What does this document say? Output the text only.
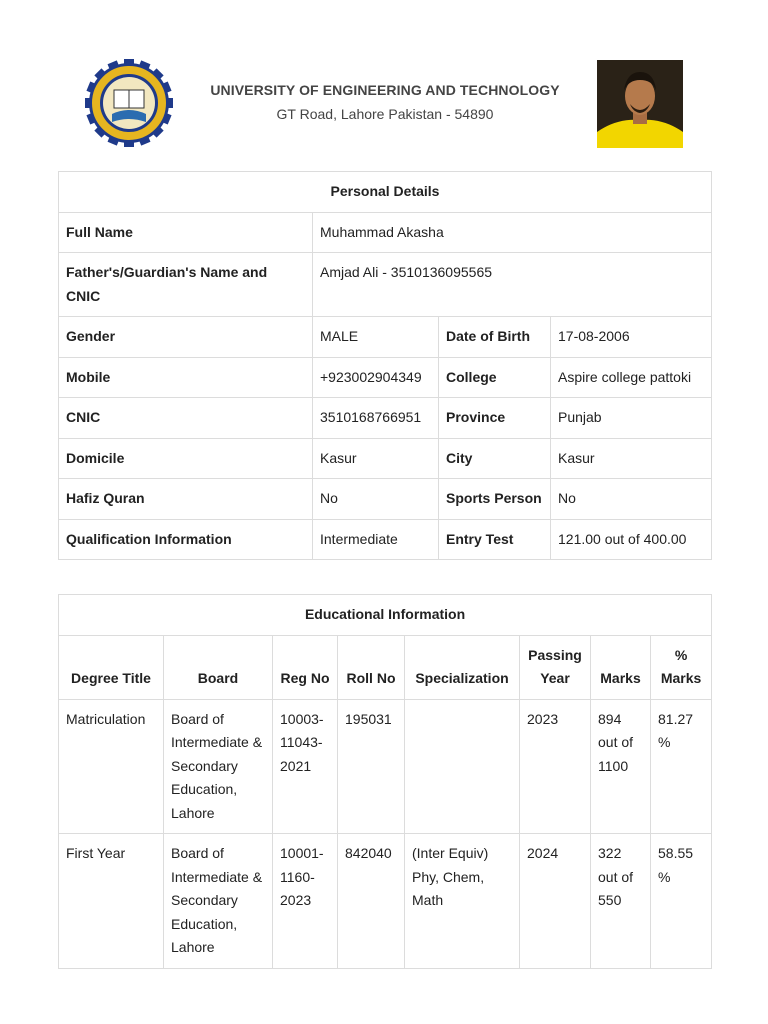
UNIVERSITY OF ENGINEERING AND TECHNOLOGY
GT Road, Lahore Pakistan - 54890
Personal Details			
Full Name	Muhammad Akasha		
Father's/Guardian's Name and CNIC	Amjad Ali - 3510136095565		
Gender	MALE	Date of Birth	17-08-2006
Mobile	+923002904349	College	Aspire college pattoki
CNIC	3510168766951	Province	Punjab
Domicile	Kasur	City	Kasur
Hafiz Quran	No	Sports Person	No
Qualification Information	Intermediate	Entry Test	121.00 out of 400.00
Educational Information							
Degree Title	Board	Reg No	Roll No	Specialization	Passing Year	Marks	% Marks
Matriculation	Board of Intermediate & Secondary Education, Lahore	10003-11043-2021	195031		2023	894 out of 1100	81.27 %
First Year	Board of Intermediate & Secondary Education, Lahore	10001-1160-2023	842040	(Inter Equiv) Phy, Chem, Math	2024	322 out of 550	58.55 %
